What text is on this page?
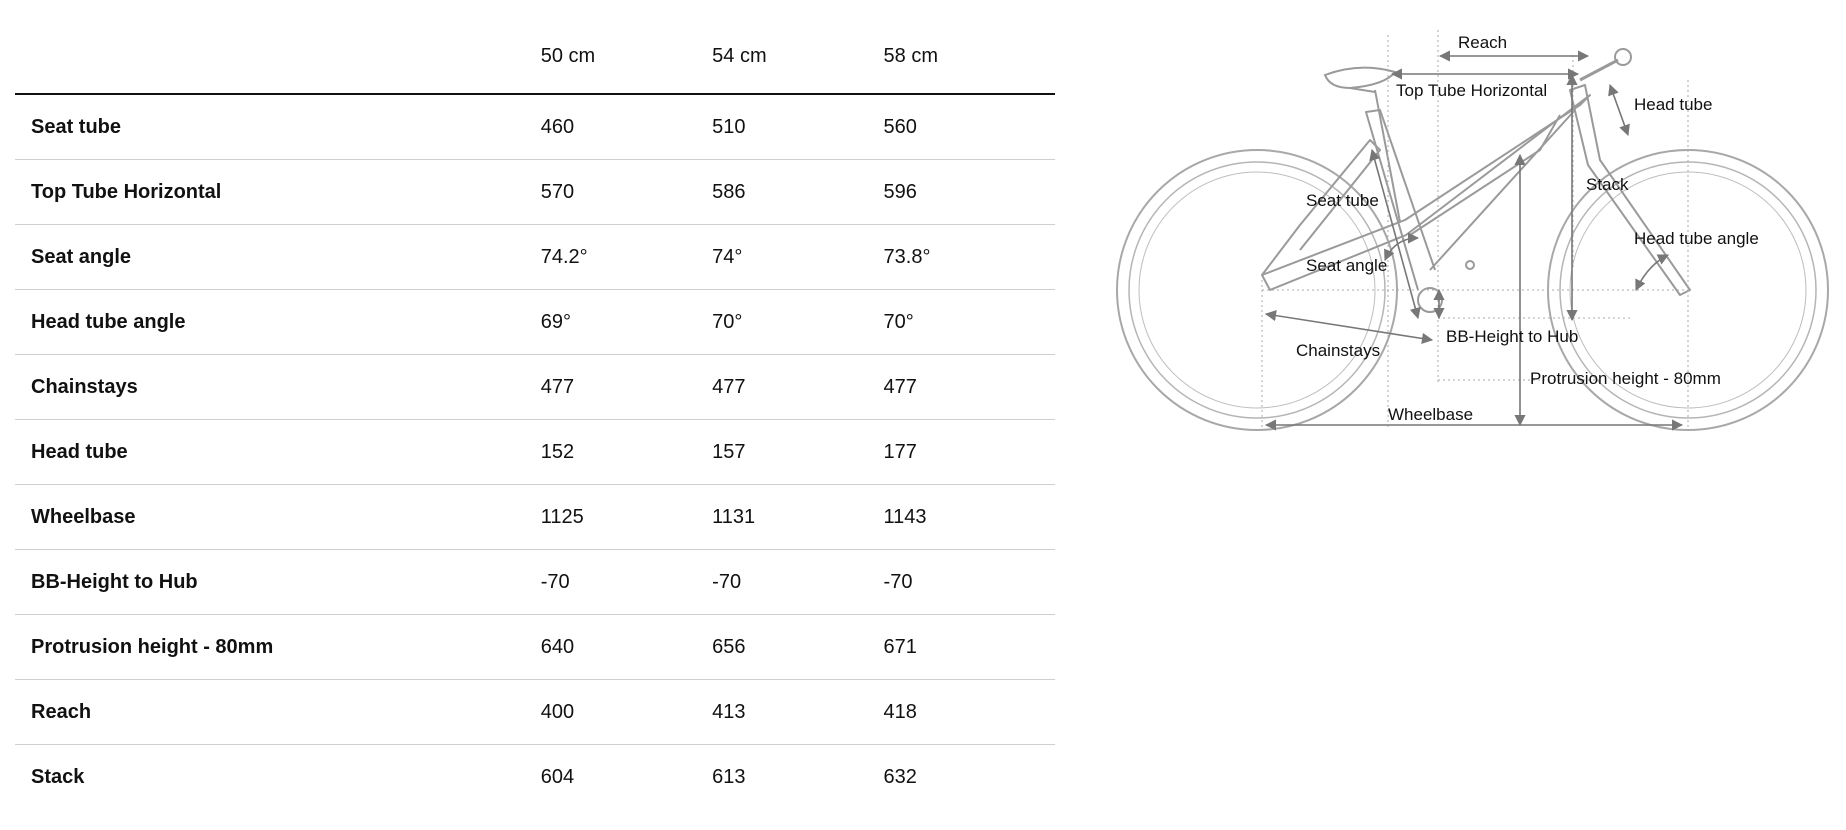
	50 cm	54 cm	58 cm
Seat tube	460	510	560
Top Tube Horizontal	570	586	596
Seat angle	74.2°	74°	73.8°
Head tube angle	69°	70°	70°
Chainstays	477	477	477
Head tube	152	157	177
Wheelbase	1125	1131	1143
BB-Height to Hub	-70	-70	-70
Protrusion height - 80mm	640	656	671
Reach	400	413	418
Stack	604	613	632
Reach
Top Tube Horizontal
Head tube
Seat tube
Stack
Head tube angle
Seat angle
BB-Height to Hub
Chainstays
Protrusion height - 80mm
Wheelbase
